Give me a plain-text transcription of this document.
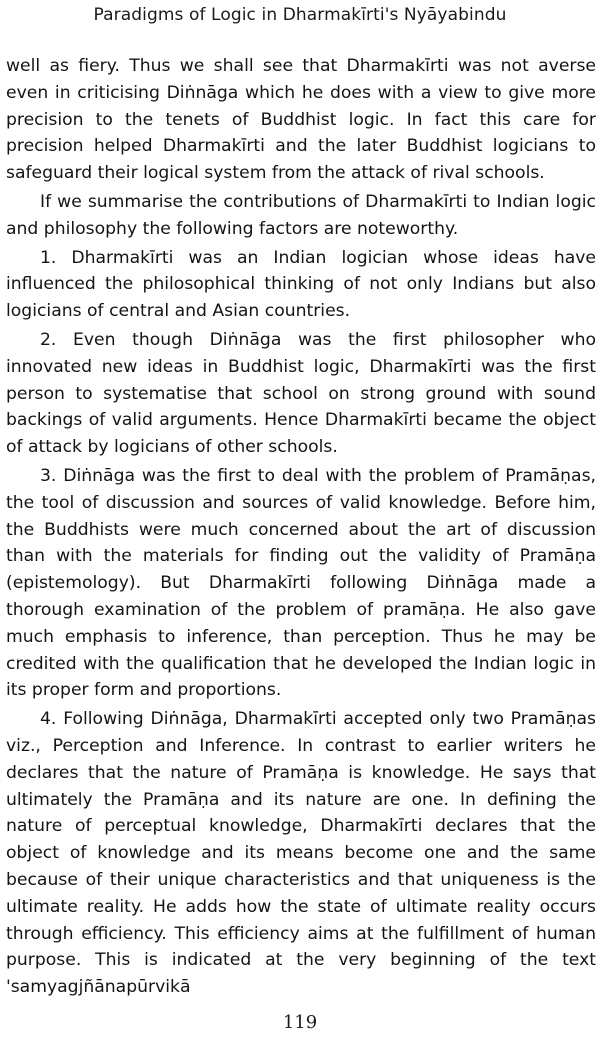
Paradigms of Logic in Dharmakīrti's Nyāyabindu

well as fiery. Thus we shall see that Dharmakīrti was not averse even in criticising Diṅnāga which he does with a view to give more precision to the tenets of Buddhist logic. In fact this care for precision helped Dharmakīrti and the later Buddhist logicians to safeguard their logical system from the attack of rival schools.

If we summarise the contributions of Dharmakīrti to Indian logic and philosophy the following factors are noteworthy.

1. Dharmakīrti was an Indian logician whose ideas have influenced the philosophical thinking of not only Indians but also logicians of central and Asian countries.

2. Even though Diṅnāga was the first philosopher who innovated new ideas in Buddhist logic, Dharmakīrti was the first person to systematise that school on strong ground with sound backings of valid arguments. Hence Dharmakīrti became the object of attack by logicians of other schools.

3. Diṅnāga was the first to deal with the problem of Pramāṇas, the tool of discussion and sources of valid knowledge. Before him, the Buddhists were much concerned about the art of discussion than with the materials for finding out the validity of Pramāṇa (epistemology). But Dharmakīrti following Diṅnāga made a thorough examination of the problem of pramāṇa. He also gave much emphasis to inference, than perception. Thus he may be credited with the qualification that he developed the Indian logic in its proper form and proportions.

4. Following Diṅnāga, Dharmakīrti accepted only two Pramāṇas viz., Perception and Inference. In contrast to earlier writers he declares that the nature of Pramāṇa is knowledge. He says that ultimately the Pramāṇa and its nature are one. In defining the nature of perceptual knowledge, Dharmakīrti declares that the object of knowledge and its means become one and the same because of their unique characteristics and that uniqueness is the ultimate reality. He adds how the state of ultimate reality occurs through efficiency. This efficiency aims at the fulfillment of human purpose. This is indicated at the very beginning of the text 'samyagjñānapūrvikā

119
